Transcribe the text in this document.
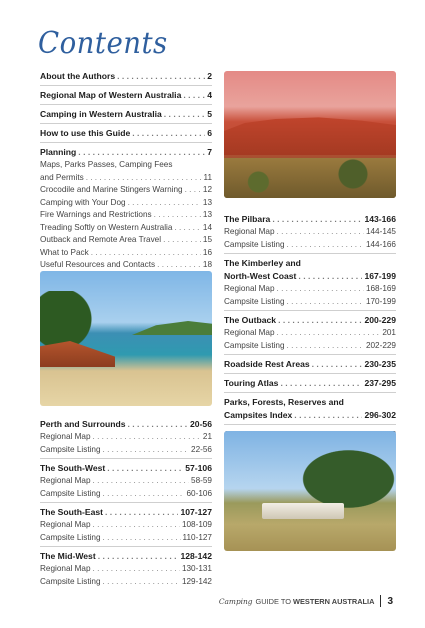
Contents
About the Authors . . .	2
Regional Map of Western Australia . . .	4
Camping in Western Australia . . .	5
How to use this Guide . . .	6
Planning . . .	7
Maps, Parks Passes, Camping Fees
and Permits . . .	11
Crocodile and Marine Stingers Warning . . . 12
Camping with Your Dog . . .	13
Fire Warnings and Restrictions . . .	13
Treading Softly on Western Australia . . .	14
Outback and Remote Area Travel . . .	15
What to Pack . . .	16
Useful Resources and Contacts . . .	18
The Pilbara . . .	143-166
Regional Map . . .	144-145
Campsite Listing . . .	144-166
The Kimberley and
North-West Coast . . .	167-199
Regional Map . . .	168-169
Campsite Listing . . .	170-199
The Outback . . .	200-229
Regional Map . . .	201
Campsite Listing . . .	202-229
Roadside Rest Areas . . .	230-235
Touring Atlas . . .	237-295
Parks, Forests, Reserves and
Campsites Index . . .	296-302
. . .
Perth and Surrounds . . .	20-56
Regional Map . . .	21
Campsite Listing . . .	22-56
The South-West . . .	57-106
Regional Map . . .	58-59
Campsite Listing . . .	60-106
The South-East . . .	107-127
Regional Map . . .	108-109
Campsite Listing . . .	110-127
The Mid-West . . .	128-142
Regional Map . . .	130-131
Campsite Listing . . .	129-142
Camping GUIDE TO WESTERN AUSTRALIA 3
